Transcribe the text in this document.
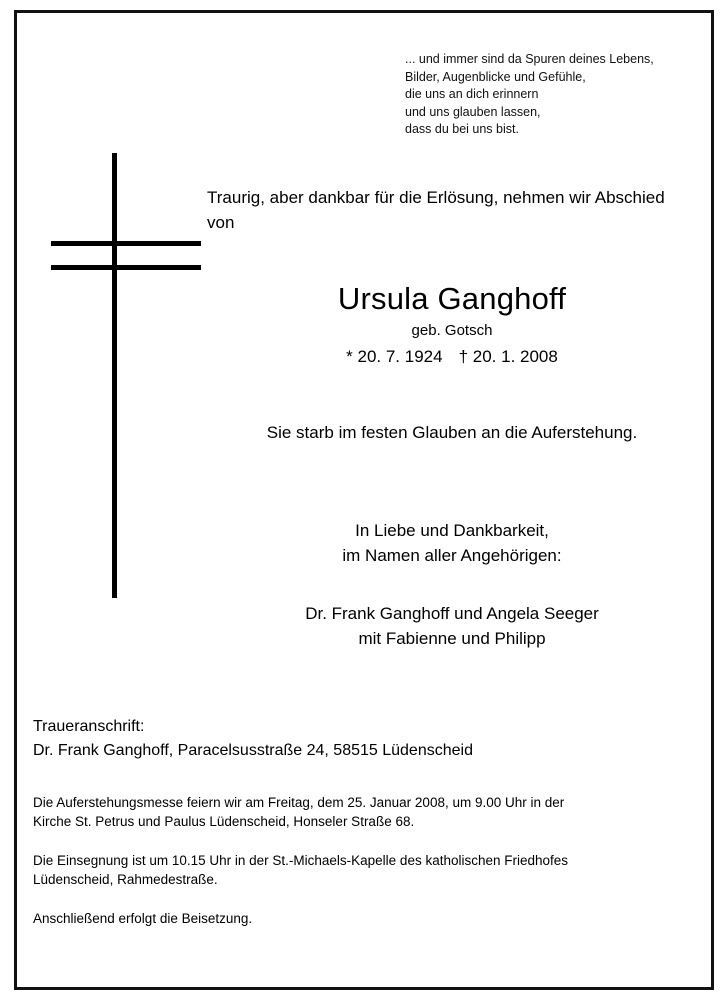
... und immer sind da Spuren deines Lebens,
Bilder, Augenblicke und Gefühle,
die uns an dich erinnern
und uns glauben lassen,
dass du bei uns bist.
Traurig, aber dankbar für die Erlösung, nehmen wir Abschied von
Ursula Ganghoff
geb. Gotsch
* 20. 7. 1924 † 20. 1. 2008
Sie starb im festen Glauben an die Auferstehung.
In Liebe und Dankbarkeit,
im Namen aller Angehörigen:
Dr. Frank Ganghoff und Angela Seeger
mit Fabienne und Philipp
Traueranschrift:
Dr. Frank Ganghoff, Paracelsusstraße 24, 58515 Lüdenscheid
Die Auferstehungsmesse feiern wir am Freitag, dem 25. Januar 2008, um 9.00 Uhr in der
Kirche St. Petrus und Paulus Lüdenscheid, Honseler Straße 68.
Die Einsegnung ist um 10.15 Uhr in der St.-Michaels-Kapelle des katholischen Friedhofes
Lüdenscheid, Rahmedestraße.
Anschließend erfolgt die Beisetzung.
